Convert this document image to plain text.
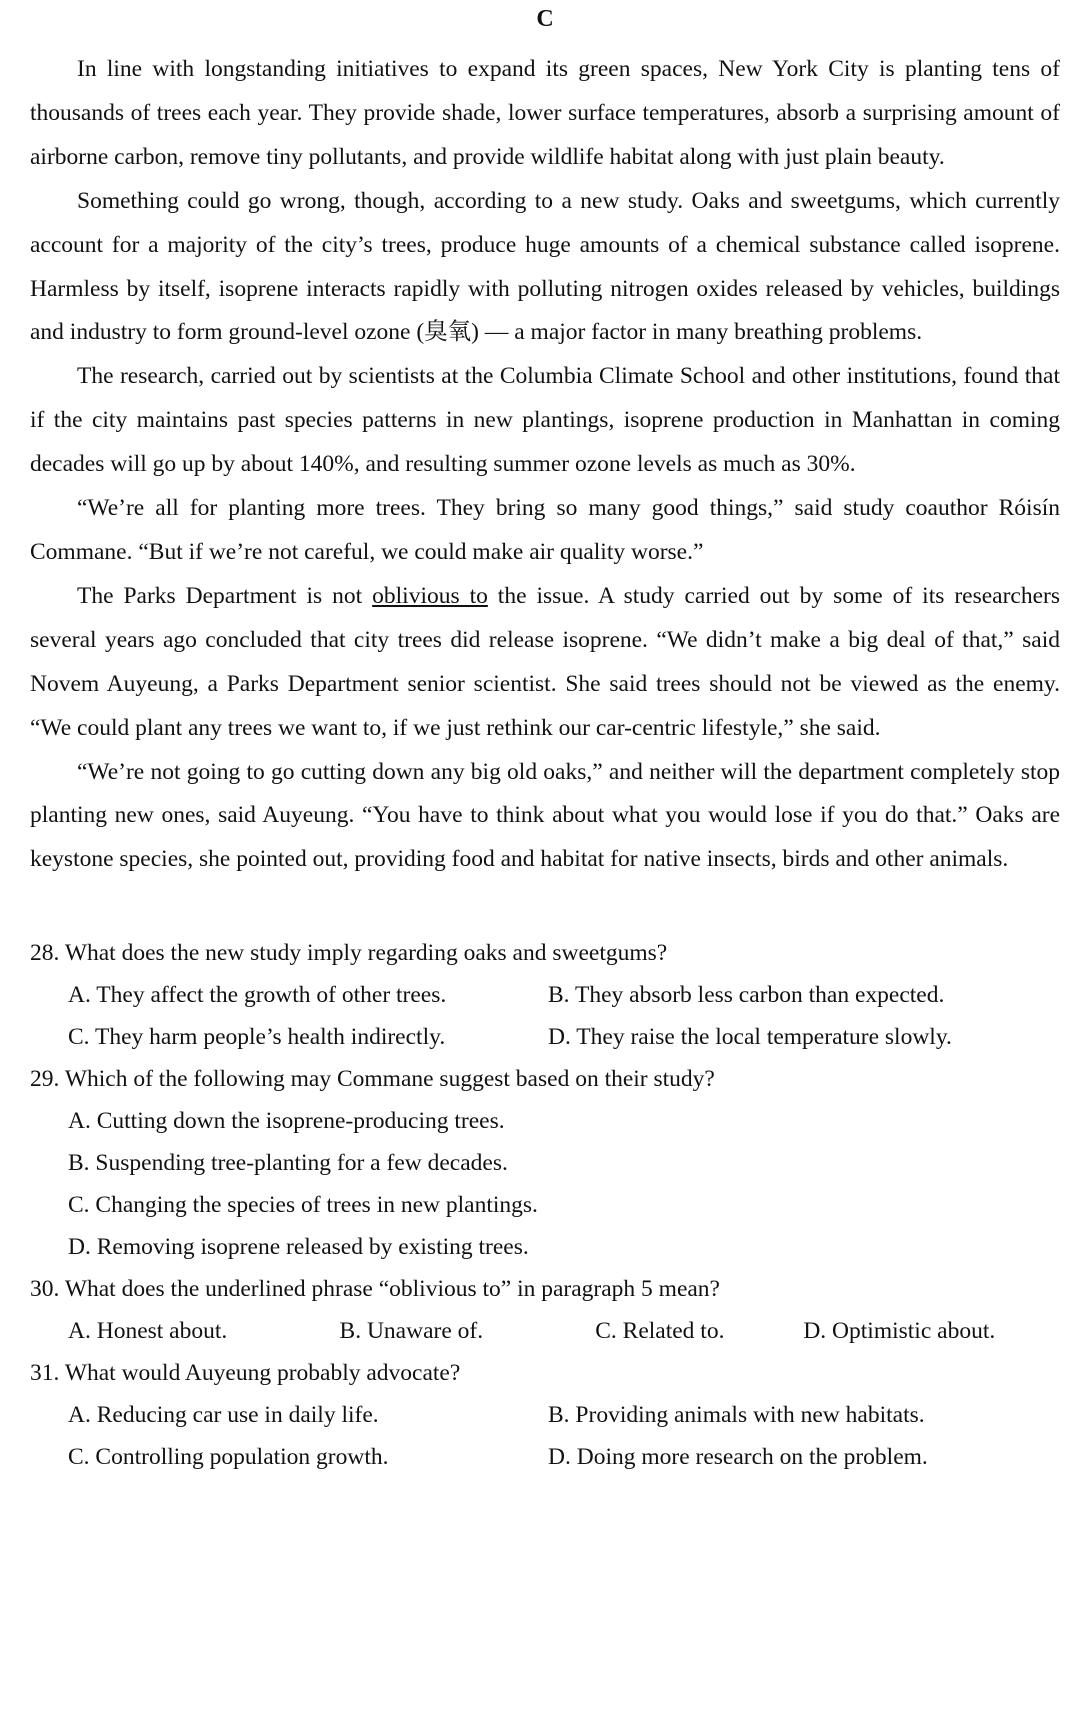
C

In line with longstanding initiatives to expand its green spaces, New York City is planting tens of thousands of trees each year. They provide shade, lower surface temperatures, absorb a surprising amount of airborne carbon, remove tiny pollutants, and provide wildlife habitat along with just plain beauty.

Something could go wrong, though, according to a new study. Oaks and sweetgums, which currently account for a majority of the city’s trees, produce huge amounts of a chemical substance called isoprene. Harmless by itself, isoprene interacts rapidly with polluting nitrogen oxides released by vehicles, buildings and industry to form ground-level ozone (臭氧) — a major factor in many breathing problems.

The research, carried out by scientists at the Columbia Climate School and other institutions, found that if the city maintains past species patterns in new plantings, isoprene production in Manhattan in coming decades will go up by about 140%, and resulting summer ozone levels as much as 30%.

“We’re all for planting more trees. They bring so many good things,” said study coauthor Róisín Commane. “But if we’re not careful, we could make air quality worse.”

The Parks Department is not oblivious to the issue. A study carried out by some of its researchers several years ago concluded that city trees did release isoprene. “We didn’t make a big deal of that,” said Novem Auyeung, a Parks Department senior scientist. She said trees should not be viewed as the enemy. “We could plant any trees we want to, if we just rethink our car-centric lifestyle,” she said.

“We’re not going to go cutting down any big old oaks,” and neither will the department completely stop planting new ones, said Auyeung. “You have to think about what you would lose if you do that.” Oaks are keystone species, she pointed out, providing food and habitat for native insects, birds and other animals.

28. What does the new study imply regarding oaks and sweetgums?
A. They affect the growth of other trees.	B. They absorb less carbon than expected.
C. They harm people’s health indirectly.	D. They raise the local temperature slowly.
29. Which of the following may Commane suggest based on their study?
A. Cutting down the isoprene-producing trees.
B. Suspending tree-planting for a few decades.
C. Changing the species of trees in new plantings.
D. Removing isoprene released by existing trees.
30. What does the underlined phrase “oblivious to” in paragraph 5 mean?
A. Honest about.	B. Unaware of.	C. Related to.	D. Optimistic about.
31. What would Auyeung probably advocate?
A. Reducing car use in daily life.	B. Providing animals with new habitats.
C. Controlling population growth.	D. Doing more research on the problem.
